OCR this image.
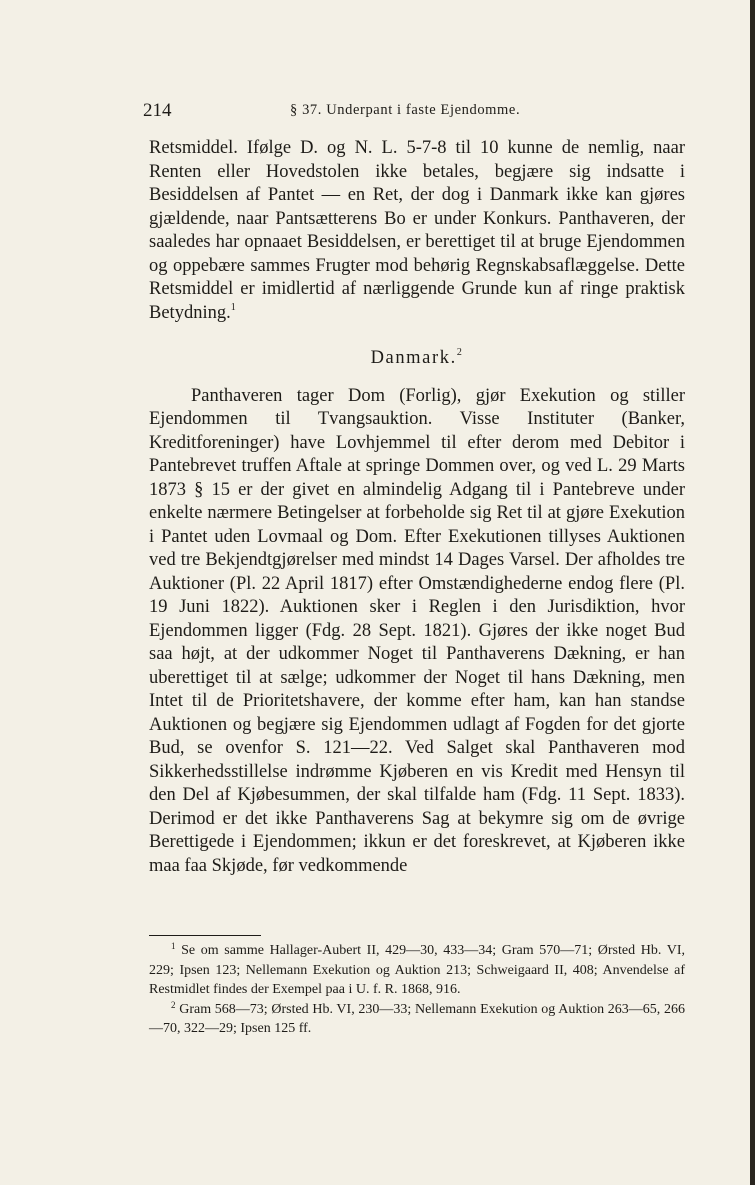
214	§ 37. Underpant i faste Ejendomme.

Retsmiddel. Ifølge D. og N. L. 5-7-8 til 10 kunne de nemlig, naar Renten eller Hovedstolen ikke betales, begjære sig indsatte i Besiddelsen af Pantet — en Ret, der dog i Danmark ikke kan gjøres gjældende, naar Pantsætterens Bo er under Konkurs. Panthaveren, der saaledes har opnaaet Besiddelsen, er berettiget til at bruge Ejendommen og oppebære sammes Frugter mod behørig Regnskabsaflæggelse. Dette Retsmiddel er imidlertid af nærliggende Grunde kun af ringe praktisk Betydning.$^1$

Danmark.$^2$

Panthaveren tager Dom (Forlig), gjør Exekution og stiller Ejendommen til Tvangsauktion. Visse Instituter (Banker, Kreditforeninger) have Lovhjemmel til efter derom med Debitor i Pantebrevet truffen Aftale at springe Dommen over, og ved L. 29 Marts 1873 § 15 er der givet en almindelig Adgang til i Pantebreve under enkelte nærmere Betingelser at forbeholde sig Ret til at gjøre Exekution i Pantet uden Lovmaal og Dom. Efter Exekutionen tillyses Auktionen ved tre Bekjendtgjørelser med mindst 14 Dages Varsel. Der afholdes tre Auktioner (Pl. 22 April 1817) efter Omstændighederne endog flere (Pl. 19 Juni 1822). Auktionen sker i Reglen i den Jurisdiktion, hvor Ejendommen ligger (Fdg. 28 Sept. 1821). Gjøres der ikke noget Bud saa højt, at der udkommer Noget til Panthaverens Dækning, er han uberettiget til at sælge; udkommer der Noget til hans Dækning, men Intet til de Prioritetshavere, der komme efter ham, kan han standse Auktionen og begjære sig Ejendommen udlagt af Fogden for det gjorte Bud, se ovenfor S. 121—22. Ved Salget skal Panthaveren mod Sikkerhedsstillelse indrømme Kjøberen en vis Kredit med Hensyn til den Del af Kjøbesummen, der skal tilfalde ham (Fdg. 11 Sept. 1833). Derimod er det ikke Panthaverens Sag at bekymre sig om de øvrige Berettigede i Ejendommen; ikkun er det foreskrevet, at Kjøberen ikke maa faa Skjøde, før vedkommende

$^1$ Se om samme Hallager-Aubert II, 429—30, 433—34; Gram 570—71; Ørsted Hb. VI, 229; Ipsen 123; Nellemann Exekution og Auktion 213; Schweigaard II, 408; Anvendelse af Restmidlet findes der Exempel paa i U. f. R. 1868, 916.

$^2$ Gram 568—73; Ørsted Hb. VI, 230—33; Nellemann Exekution og Auktion 263—65, 266—70, 322—29; Ipsen 125 ff.
